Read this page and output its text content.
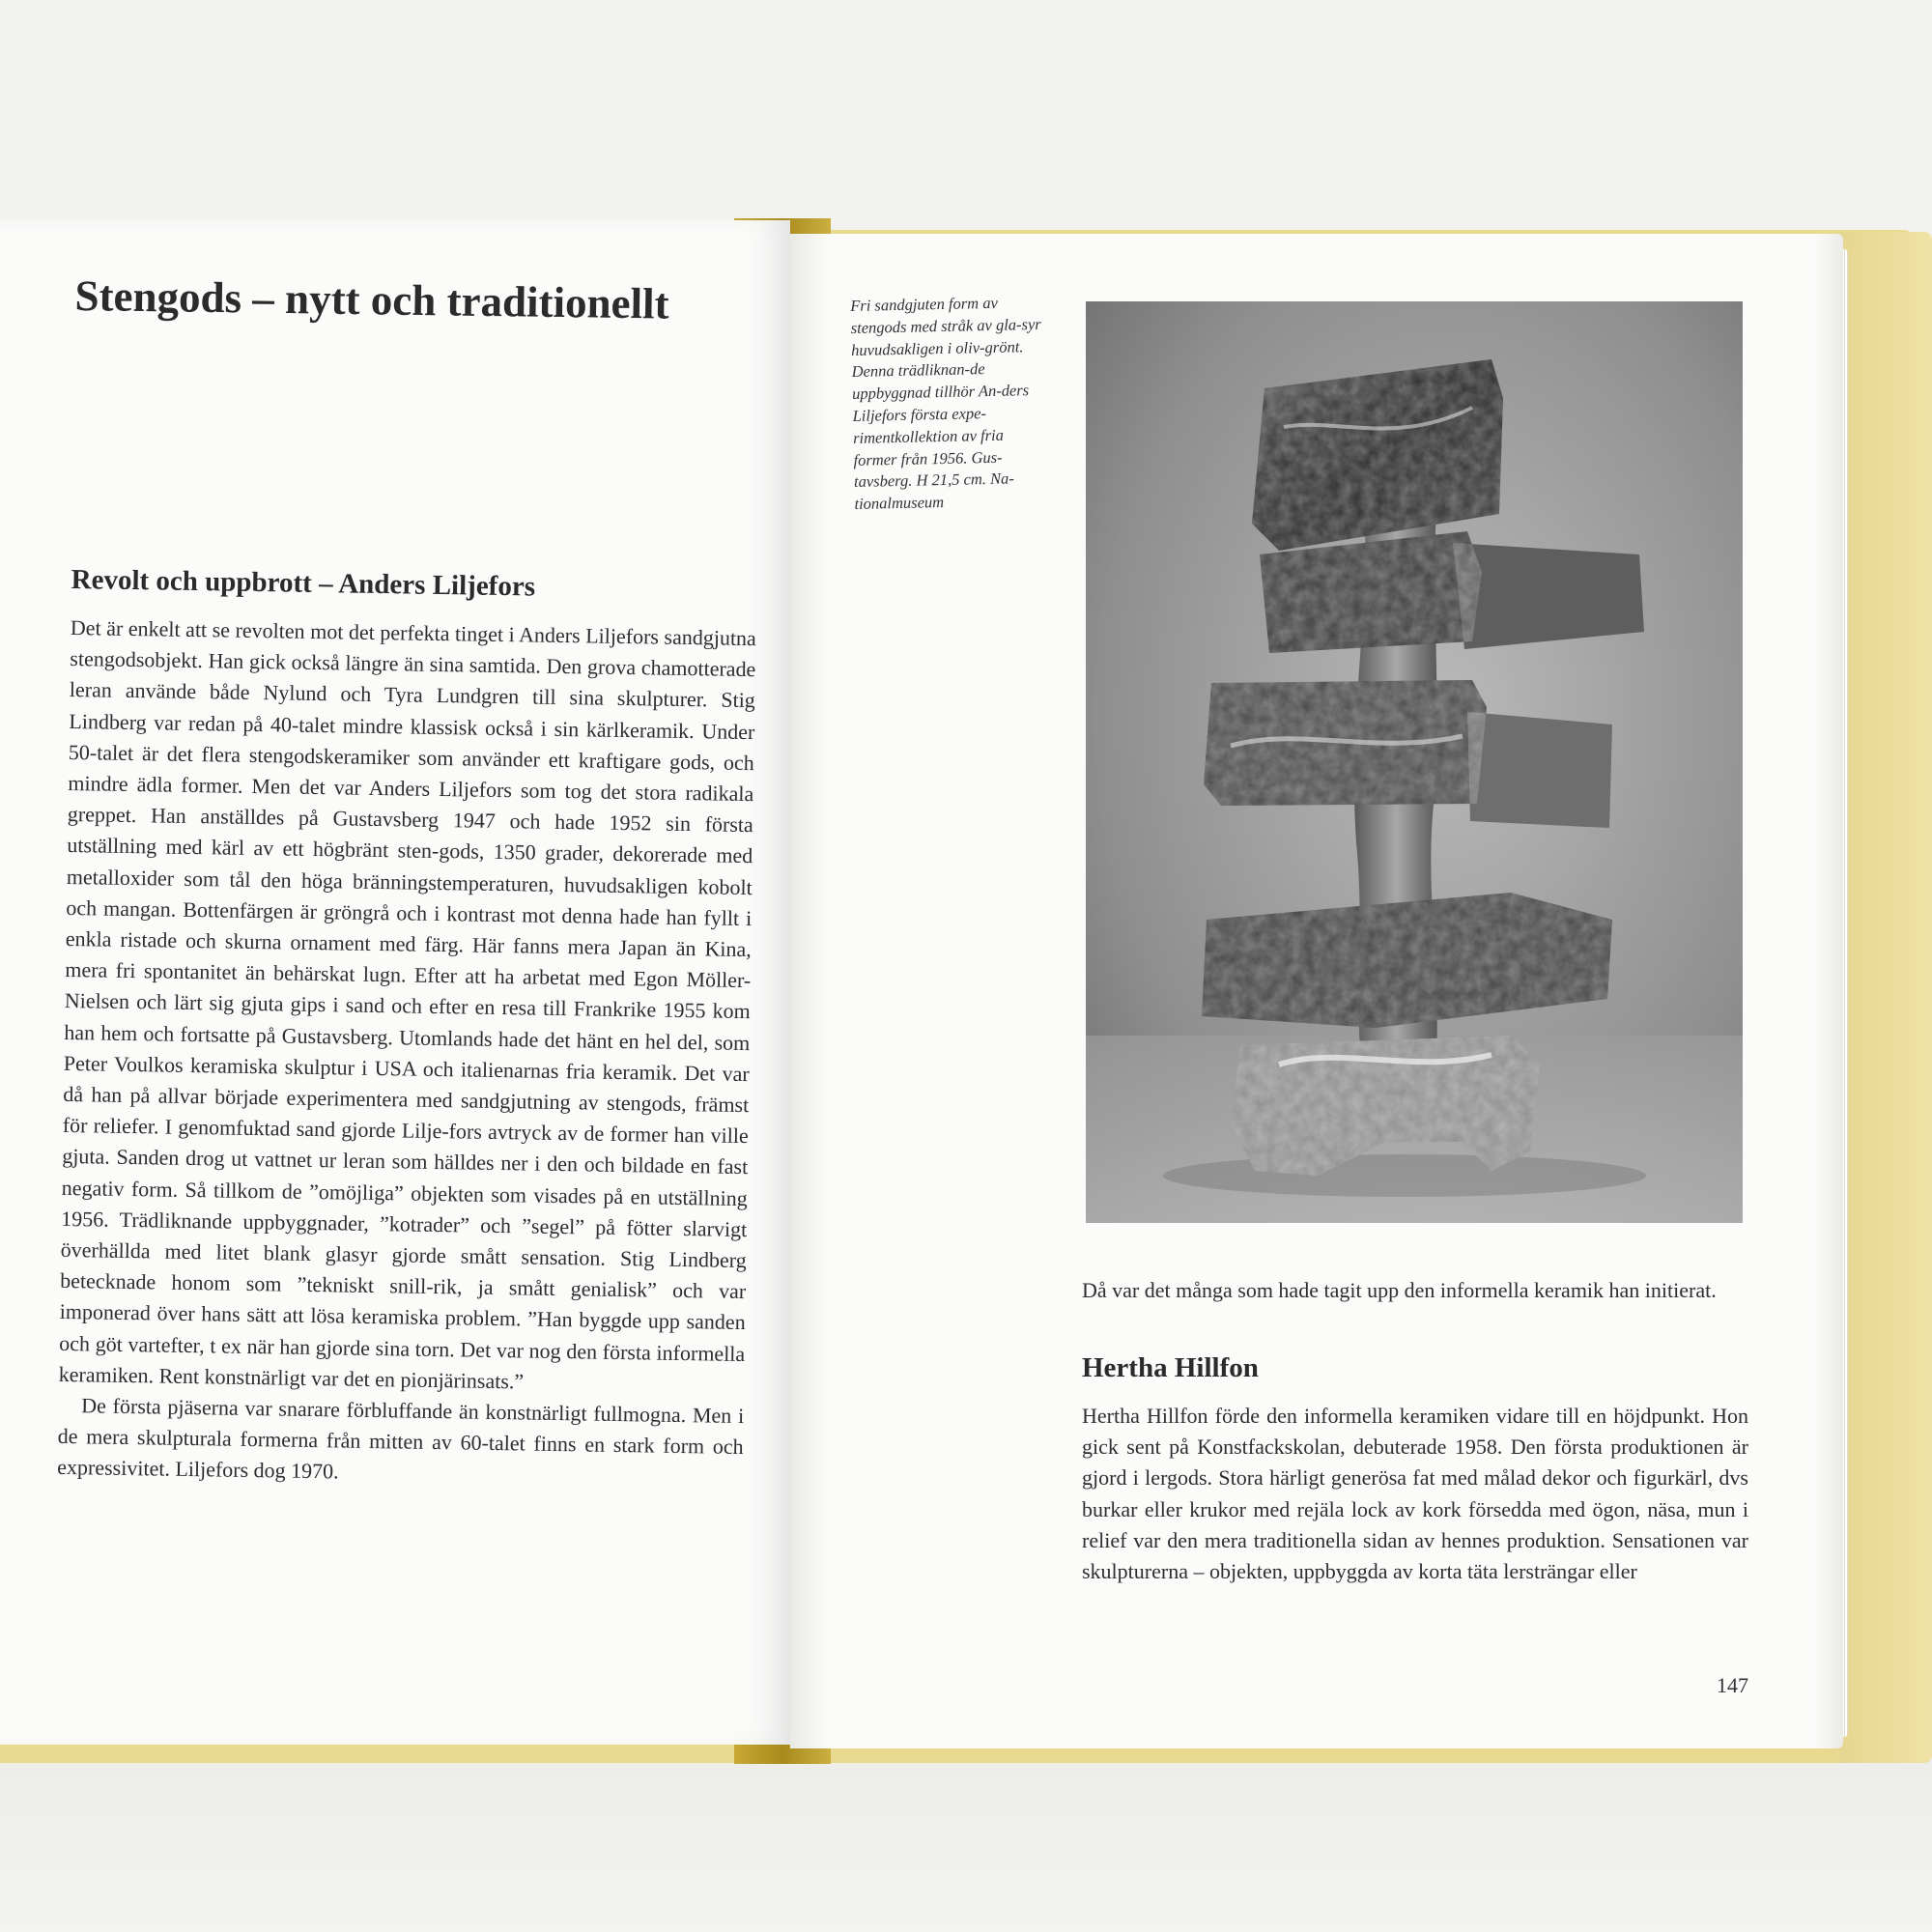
Stengods – nytt och traditionellt
Revolt och uppbrott – Anders Liljefors

Det är enkelt att se revolten mot det perfekta tinget i Anders Liljefors sandgjutna stengodsobjekt. Han gick också längre än sina samtida. Den grova chamotterade leran använde både Nylund och Tyra Lundgren till sina skulpturer. Stig Lindberg var redan på 40-talet mindre klassisk också i sin kärlkeramik. Under 50-talet är det flera stengodskeramiker som använder ett kraftigare gods, och mindre ädla former. Men det var Anders Liljefors som tog det stora radikala greppet. Han anställdes på Gustavsberg 1947 och hade 1952 sin första utställning med kärl av ett högbränt sten-gods, 1350 grader, dekorerade med metalloxider som tål den höga bränningstemperaturen, huvudsakligen kobolt och mangan. Bottenfärgen är gröngrå och i kontrast mot denna hade han fyllt i enkla ristade och skurna ornament med färg. Här fanns mera Japan än Kina, mera fri spontanitet än behärskat lugn. Efter att ha arbetat med Egon Möller-Nielsen och lärt sig gjuta gips i sand och efter en resa till Frankrike 1955 kom han hem och fortsatte på Gustavsberg. Utomlands hade det hänt en hel del, som Peter Voulkos keramiska skulptur i USA och italienarnas fria keramik. Det var då han på allvar började experimentera med sandgjutning av stengods, främst för reliefer. I genomfuktad sand gjorde Lilje-fors avtryck av de former han ville gjuta. Sanden drog ut vattnet ur leran som hälldes ner i den och bildade en fast negativ form. Så tillkom de ”omöjliga” objekten som visades på en utställning 1956. Trädliknande uppbyggnader, ”kotrader” och ”segel” på fötter slarvigt överhällda med litet blank glasyr gjorde smått sensation. Stig Lindberg betecknade honom som ”tekniskt snill-rik, ja smått genialisk” och var imponerad över hans sätt att lösa keramiska problem. ”Han byggde upp sanden och göt vartefter, t ex när han gjorde sina torn. Det var nog den första informella keramiken. Rent konstnärligt var det en pionjärinsats.”

De första pjäserna var snarare förbluffande än konstnärligt fullmogna. Men i de mera skulpturala formerna från mitten av 60-talet finns en stark form och expressivitet. Liljefors dog 1970.

Fri sandgjuten form av stengods med stråk av gla-syr huvudsakligen i oliv-grönt. Denna trädliknan-de uppbyggnad tillhör An-ders Liljefors första expe-rimentkollektion av fria former från 1956. Gus-tavsberg. H 21,5 cm. Na-tionalmuseum

Då var det många som hade tagit upp den informella keramik han initierat.

Hertha Hillfon

Hertha Hillfon förde den informella keramiken vidare till en höjdpunkt. Hon gick sent på Konstfackskolan, debuterade 1958. Den första produktionen är gjord i lergods. Stora härligt generösa fat med målad dekor och figurkärl, dvs burkar eller krukor med rejäla lock av kork försedda med ögon, näsa, mun i relief var den mera traditionella sidan av hennes produktion. Sensationen var skulpturerna – objekten, uppbyggda av korta täta lersträngar eller

147
